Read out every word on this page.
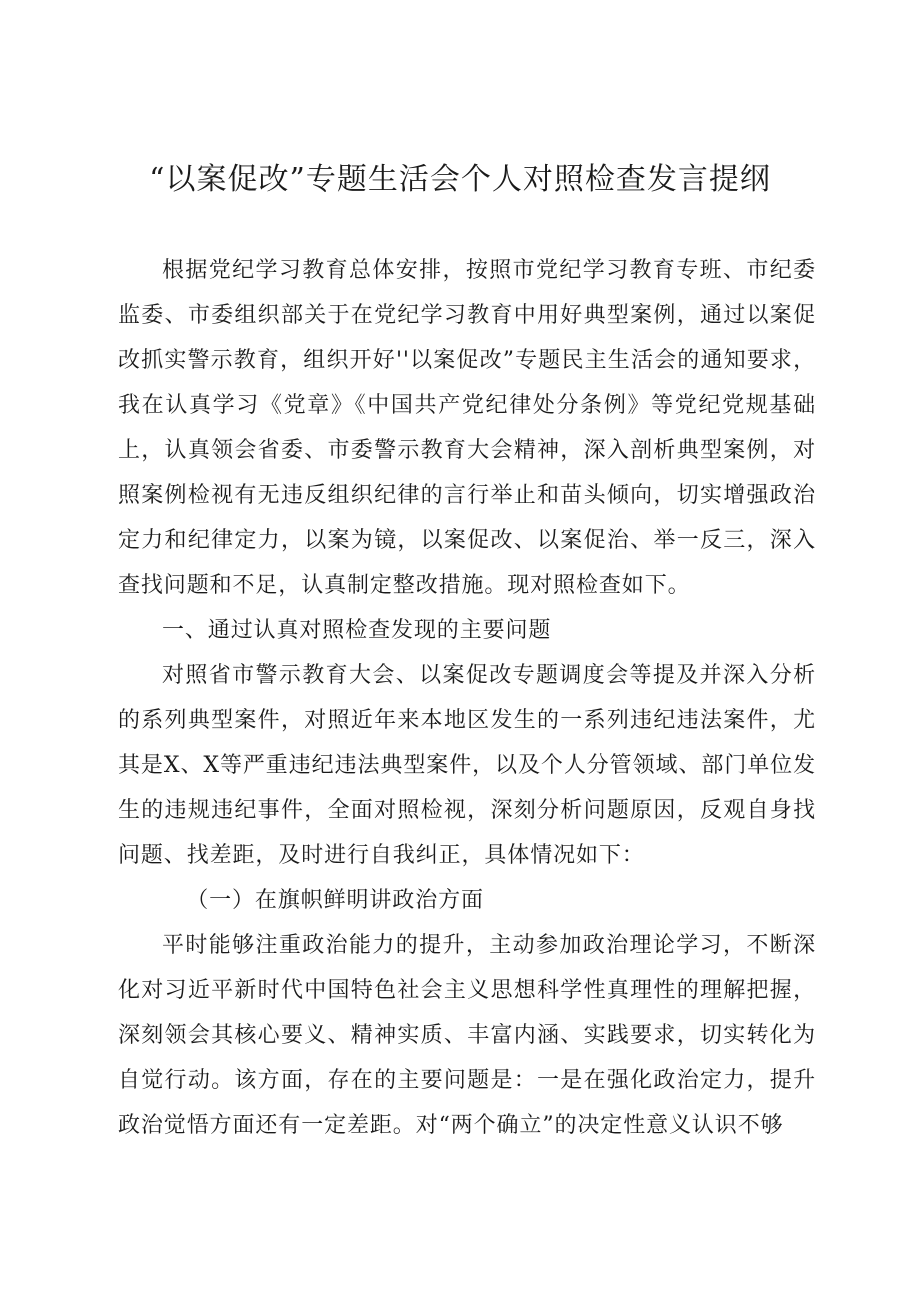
“以案促改”专题生活会个人对照检查发言提纲

根据党纪学习教育总体安排，按照市党纪学习教育专班、市纪委监委、市委组织部关于在党纪学习教育中用好典型案例，通过以案促改抓实警示教育，组织开好''以案促改”专题民主生活会的通知要求，我在认真学习《党章》《中国共产党纪律处分条例》等党纪党规基础上，认真领会省委、市委警示教育大会精神，深入剖析典型案例，对照案例检视有无违反组织纪律的言行举止和苗头倾向，切实增强政治定力和纪律定力，以案为镜，以案促改、以案促治、举一反三，深入查找问题和不足，认真制定整改措施。现对照检查如下。

一、通过认真对照检查发现的主要问题

对照省市警示教育大会、以案促改专题调度会等提及并深入分析的系列典型案件，对照近年来本地区发生的一系列违纪违法案件，尤其是X、X等严重违纪违法典型案件，以及个人分管领域、部门单位发生的违规违纪事件，全面对照检视，深刻分析问题原因，反观自身找问题、找差距，及时进行自我纠正，具体情况如下：

（一）在旗帜鲜明讲政治方面

平时能够注重政治能力的提升，主动参加政治理论学习，不断深化对习近平新时代中国特色社会主义思想科学性真理性的理解把握，深刻领会其核心要义、精神实质、丰富内涵、实践要求，切实转化为自觉行动。该方面，存在的主要问题是：一是在强化政治定力，提升政治觉悟方面还有一定差距。对“两个确立”的决定性意义认识不够
